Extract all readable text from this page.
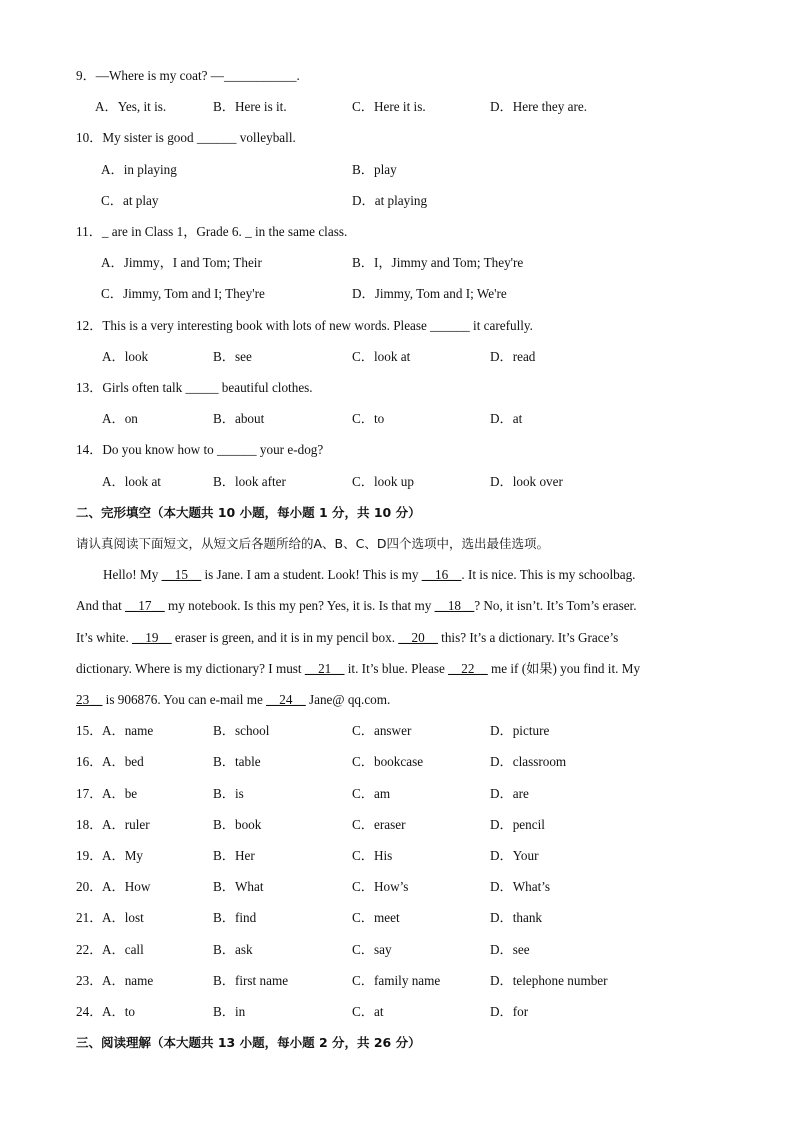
9．—Where is my coat? —___________.
A．Yes, it is.	B．Here is it.	C．Here it is.	D．Here they are.
10．My sister is good ______ volleyball.
A．in playing	B．play
C．at play	D．at playing
11．_ are in Class 1，Grade 6. _ in the same class.
A．Jimmy，I and Tom; Their	B．I，Jimmy and Tom; They're
C．Jimmy, Tom and I; They're	D．Jimmy, Tom and I; We're
12．This is a very interesting book with lots of new words. Please ______ it carefully.
A．look	B．see	C．look at	D．read
13．Girls often talk _____ beautiful clothes.
A．on	B．about	C．to	D．at
14．Do you know how to ______ your e-dog?
A．look at	B．look after	C．look up	D．look over
二、完形填空（本大题共 10 小题，每小题 1 分，共 10 分）
请认真阅读下面短文，从短文后各题所给的A、B、C、D四个选项中，选出最佳选项。
Hello! My __15__ is Jane. I am a student. Look! This is my __16__. It is nice. This is my schoolbag.
And that __17__ my notebook. Is this my pen? Yes, it is. Is that my __18__? No, it isn’t. It’s Tom’s eraser.
It’s white. __19__ eraser is green, and it is in my pencil box. __20__ this? It’s a dictionary. It’s Grace’s
dictionary. Where is my dictionary? I must __21__ it. It’s blue. Please __22__ me if (如果) you find it. My
23__ is 906876. You can e-mail me __24__ Jane@ qq.com.
15． A．name	B．school	C．answer	D．picture
16． A．bed	B．table	C．bookcase	D．classroom
17． A．be	B．is	C．am	D．are
18． A．ruler	B．book	C．eraser	D．pencil
19． A．My	B．Her	C．His	D．Your
20． A．How	B．What	C．How’s	D．What’s
21． A．lost	B．find	C．meet	D．thank
22． A．call	B．ask	C．say	D．see
23． A．name	B．first name	C．family name	D．telephone number
24． A．to	B．in	C．at	D．for
三、阅读理解（本大题共 13 小题，每小题 2 分，共 26 分）
